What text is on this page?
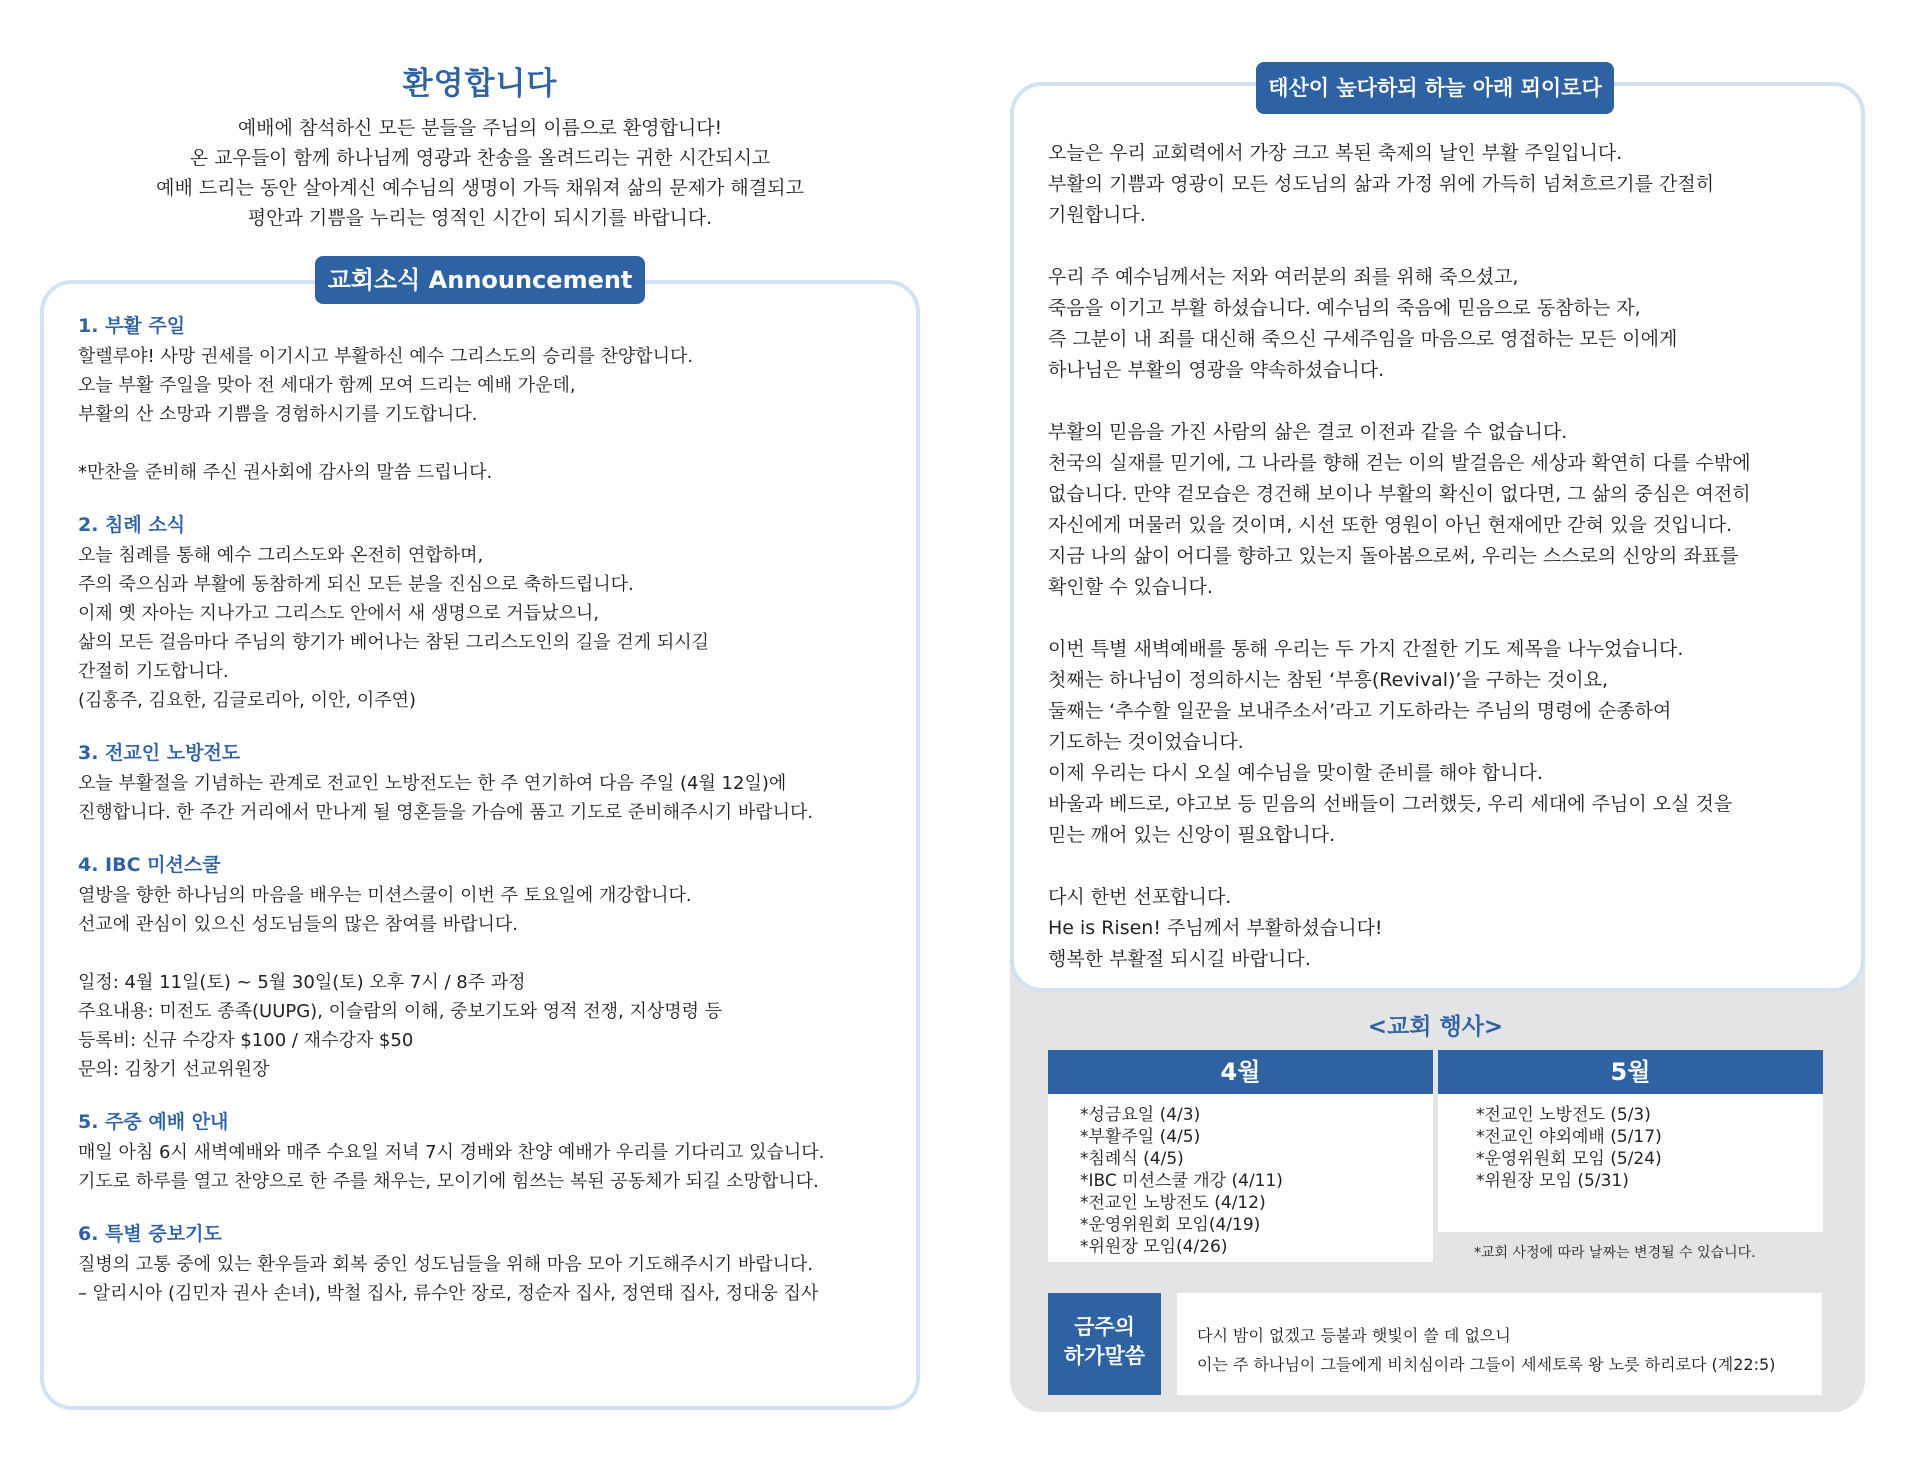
환영합니다

예배에 참석하신 모든 분들을 주님의 이름으로 환영합니다!

온 교우들이 함께 하나님께 영광과 찬송을 올려드리는 귀한 시간되시고

예배 드리는 동안 살아계신 예수님의 생명이 가득 채워져 삶의 문제가 해결되고

평안과 기쁨을 누리는 영적인 시간이 되시기를 바랍니다.

교회소식 Announcement
1. 부활 주일

할렐루야! 사망 권세를 이기시고 부활하신 예수 그리스도의 승리를 찬양합니다.
오늘 부활 주일을 맞아 전 세대가 함께 모여 드리는 예배 가운데,
부활의 산 소망과 기쁨을 경험하시기를 기도합니다.

*만찬을 준비해 주신 권사회에 감사의 말씀 드립니다.

2. 침례 소식

오늘 침례를 통해 예수 그리스도와 온전히 연합하며,
주의 죽으심과 부활에 동참하게 되신 모든 분을 진심으로 축하드립니다.
이제 옛 자아는 지나가고 그리스도 안에서 새 생명으로 거듭났으니,
삶의 모든 걸음마다 주님의 향기가 베어나는 참된 그리스도인의 길을 걷게 되시길
간절히 기도합니다.
(김홍주, 김요한, 김글로리아, 이안, 이주연)

3. 전교인 노방전도

오늘 부활절을 기념하는 관계로 전교인 노방전도는 한 주 연기하여 다음 주일 (4월 12일)에
진행합니다. 한 주간 거리에서 만나게 될 영혼들을 가슴에 품고 기도로 준비해주시기 바랍니다.

4. IBC 미션스쿨

열방을 향한 하나님의 마음을 배우는 미션스쿨이 이번 주 토요일에 개강합니다.
선교에 관심이 있으신 성도님들의 많은 참여를 바랍니다.

일정: 4월 11일(토) ~ 5월 30일(토) 오후 7시 / 8주 과정
주요내용: 미전도 종족(UUPG), 이슬람의 이해, 중보기도와 영적 전쟁, 지상명령 등
등록비: 신규 수강자 $100 / 재수강자 $50
문의: 김창기 선교위원장

5. 주중 예배 안내

매일 아침 6시 새벽예배와 매주 수요일 저녁 7시 경배와 찬양 예배가 우리를 기다리고 있습니다.
기도로 하루를 열고 찬양으로 한 주를 채우는, 모이기에 힘쓰는 복된 공동체가 되길 소망합니다.

6. 특별 중보기도

질병의 고통 중에 있는 환우들과 회복 중인 성도님들을 위해 마음 모아 기도해주시기 바랍니다.
– 알리시아 (김민자 권사 손녀), 박철 집사, 류수안 장로, 정순자 집사, 정연태 집사, 정대웅 집사

태산이 높다하되 하늘 아래 뫼이로다
오늘은 우리 교회력에서 가장 크고 복된 축제의 날인 부활 주일입니다.
부활의 기쁨과 영광이 모든 성도님의 삶과 가정 위에 가득히 넘쳐흐르기를 간절히
기원합니다.

우리 주 예수님께서는 저와 여러분의 죄를 위해 죽으셨고,
죽음을 이기고 부활 하셨습니다. 예수님의 죽음에 믿음으로 동참하는 자,
즉 그분이 내 죄를 대신해 죽으신 구세주임을 마음으로 영접하는 모든 이에게
하나님은 부활의 영광을 약속하셨습니다.

부활의 믿음을 가진 사람의 삶은 결코 이전과 같을 수 없습니다.
천국의 실재를 믿기에, 그 나라를 향해 걷는 이의 발걸음은 세상과 확연히 다를 수밖에
없습니다. 만약 겉모습은 경건해 보이나 부활의 확신이 없다면, 그 삶의 중심은 여전히
자신에게 머물러 있을 것이며, 시선 또한 영원이 아닌 현재에만 갇혀 있을 것입니다.
지금 나의 삶이 어디를 향하고 있는지 돌아봄으로써, 우리는 스스로의 신앙의 좌표를
확인할 수 있습니다.

이번 특별 새벽예배를 통해 우리는 두 가지 간절한 기도 제목을 나누었습니다.
첫째는 하나님이 정의하시는 참된 ‘부흥(Revival)’을 구하는 것이요,
둘째는 ‘추수할 일꾼을 보내주소서’라고 기도하라는 주님의 명령에 순종하여
기도하는 것이었습니다.
이제 우리는 다시 오실 예수님을 맞이할 준비를 해야 합니다.
바울과 베드로, 야고보 등 믿음의 선배들이 그러했듯, 우리 세대에 주님이 오실 것을
믿는 깨어 있는 신앙이 필요합니다.

다시 한번 선포합니다.
He is Risen! 주님께서 부활하셨습니다!
행복한 부활절 되시길 바랍니다.
<교회 행사>
4월
*성금요일 (4/3)
*부활주일 (4/5)
*침례식 (4/5)
*IBC 미션스쿨 개강 (4/11)
*전교인 노방전도 (4/12)
*운영위원회 모임(4/19)
*위원장 모임(4/26)
5월
*전교인 노방전도 (5/3)
*전교인 야외예배 (5/17)
*운영위원회 모임 (5/24)
*위원장 모임 (5/31)
*교회 사정에 따라 날짜는 변경될 수 있습니다.
금주의
하가말씀

다시 밤이 없겠고 등불과 햇빛이 쓸 데 없으니

이는 주 하나님이 그들에게 비치심이라 그들이 세세토록 왕 노릇 하리로다 (계22:5)
